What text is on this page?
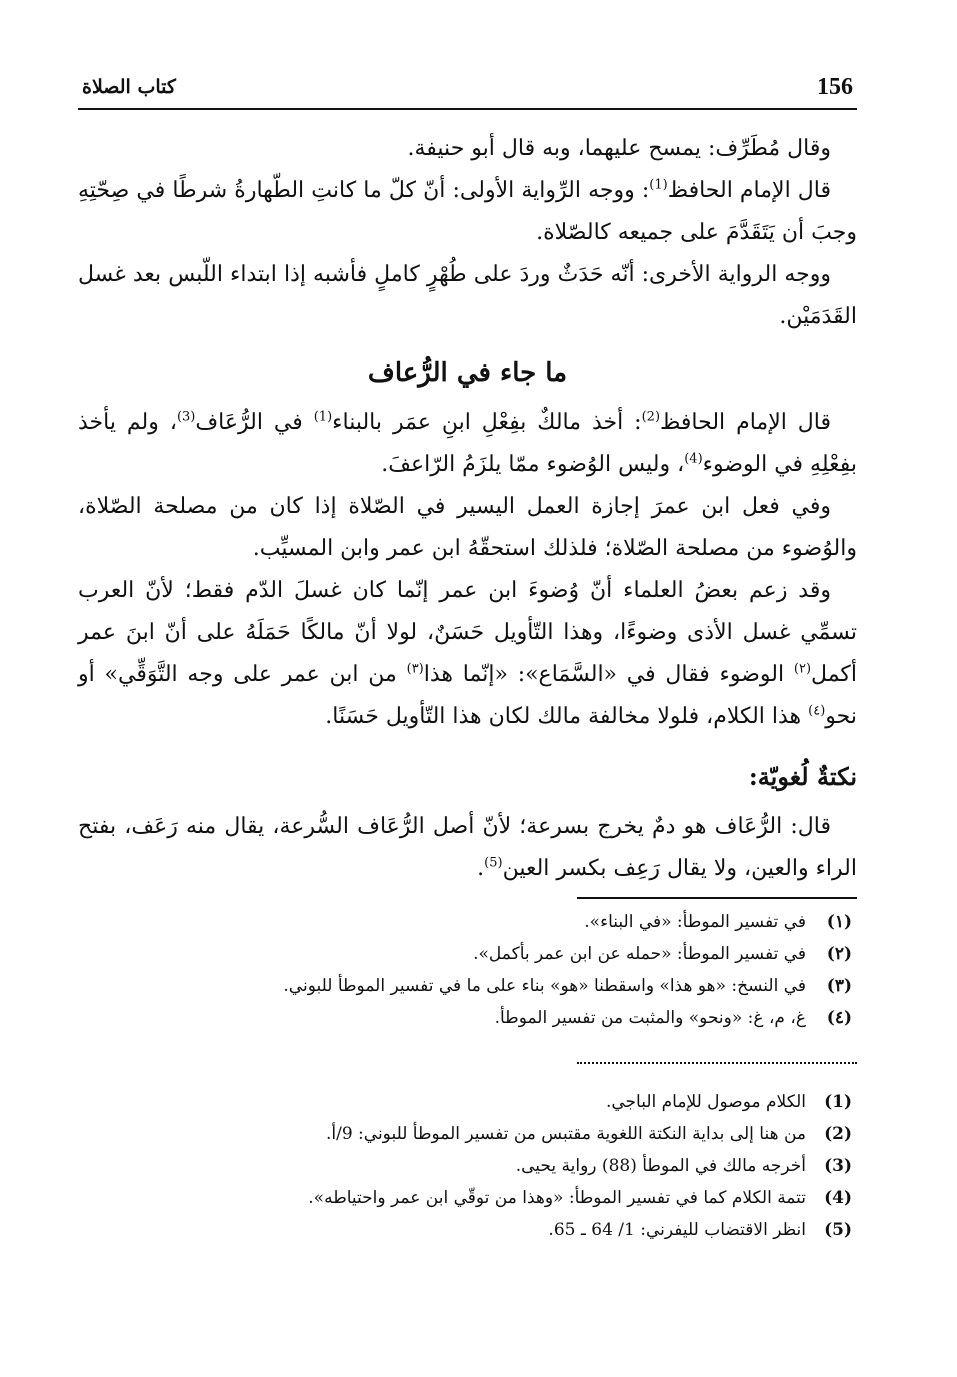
156
كتاب الصلاة

وقال مُطَرِّف: يمسح عليهما، وبه قال أبو حنيفة.

قال الإمام الحافظ$^{(1)}$: ووجه الرِّواية الأولى: أنّ كلّ ما كانتِ الطّهارةُ شرطًا في صِحّتِهِ وجبَ أن يَتَقَدَّمَ على جميعه كالصّلاة.

ووجه الرواية الأخرى: أنّه حَدَثٌ وردَ على طُهْرٍ كاملٍ فأشبه إذا ابتداء اللّبس بعد غسل القَدَمَيْن.

ما جاء في الرُّعاف

قال الإمام الحافظ$^{(2)}$: أخذ مالكٌ بفِعْلِ ابنِ عمَر بالبناء$^{(1)}$ في الرُّعَاف$^{(3)}$، ولم يأخذ بفِعْلِهِ في الوضوء$^{(4)}$، وليس الوُضوء ممّا يلزَمُ الرّاعفَ.

وفي فعل ابن عمرَ إجازة العمل اليسير في الصّلاة إذا كان من مصلحة الصّلاة، والوُضوء من مصلحة الصّلاة؛ فلذلك استحقّهُ ابن عمر وابن المسيِّب.

وقد زعم بعضُ العلماء أنّ وُضوءَ ابن عمر إنّما كان غسلَ الدّم فقط؛ لأنّ العرب تسمِّي غسل الأذى وضوءًا، وهذا التّأويل حَسَنٌ، لولا أنّ مالكًا حَمَلَهُ على أنّ ابنَ عمر أكمل$^{(٢)}$ الوضوء فقال في «السَّمَاع»: «إنّما هذا$^{(٣)}$ من ابن عمر على وجه التَّوَقِّي» أو نحو$^{(٤)}$ هذا الكلام، فلولا مخالفة مالك لكان هذا التّأويل حَسَنًا.

نكتةٌ لُغويّة:

قال: الرُّعَاف هو دمٌ يخرج بسرعة؛ لأنّ أصل الرُّعَاف السُّرعة، يقال منه رَعَف، بفتح الراء والعين، ولا يقال رَعِف بكسر العين$^{(5)}$.

(١)
في تفسير الموطأ: «في البناء».
(٢)
في تفسير الموطأ: «حمله عن ابن عمر بأكمل».
(٣)
في النسخ: «هو هذا» واسقطنا «هو» بناء على ما في تفسير الموطأ للبوني.
(٤)
غ، م، غ: «ونحو» والمثبت من تفسير الموطأ.
(1)
الكلام موصول للإمام الباجي.
(2)
من هنا إلى بداية النكتة اللغوية مقتبس من تفسير الموطأ للبوني: 9/أ.
(3)
أخرجه مالك في الموطأ (88) رواية يحيى.
(4)
تتمة الكلام كما في تفسير الموطأ: «وهذا من توقّي ابن عمر واحتياطه».
(5)
انظر الاقتضاب لليفرني: 1/ 64 ـ 65.
